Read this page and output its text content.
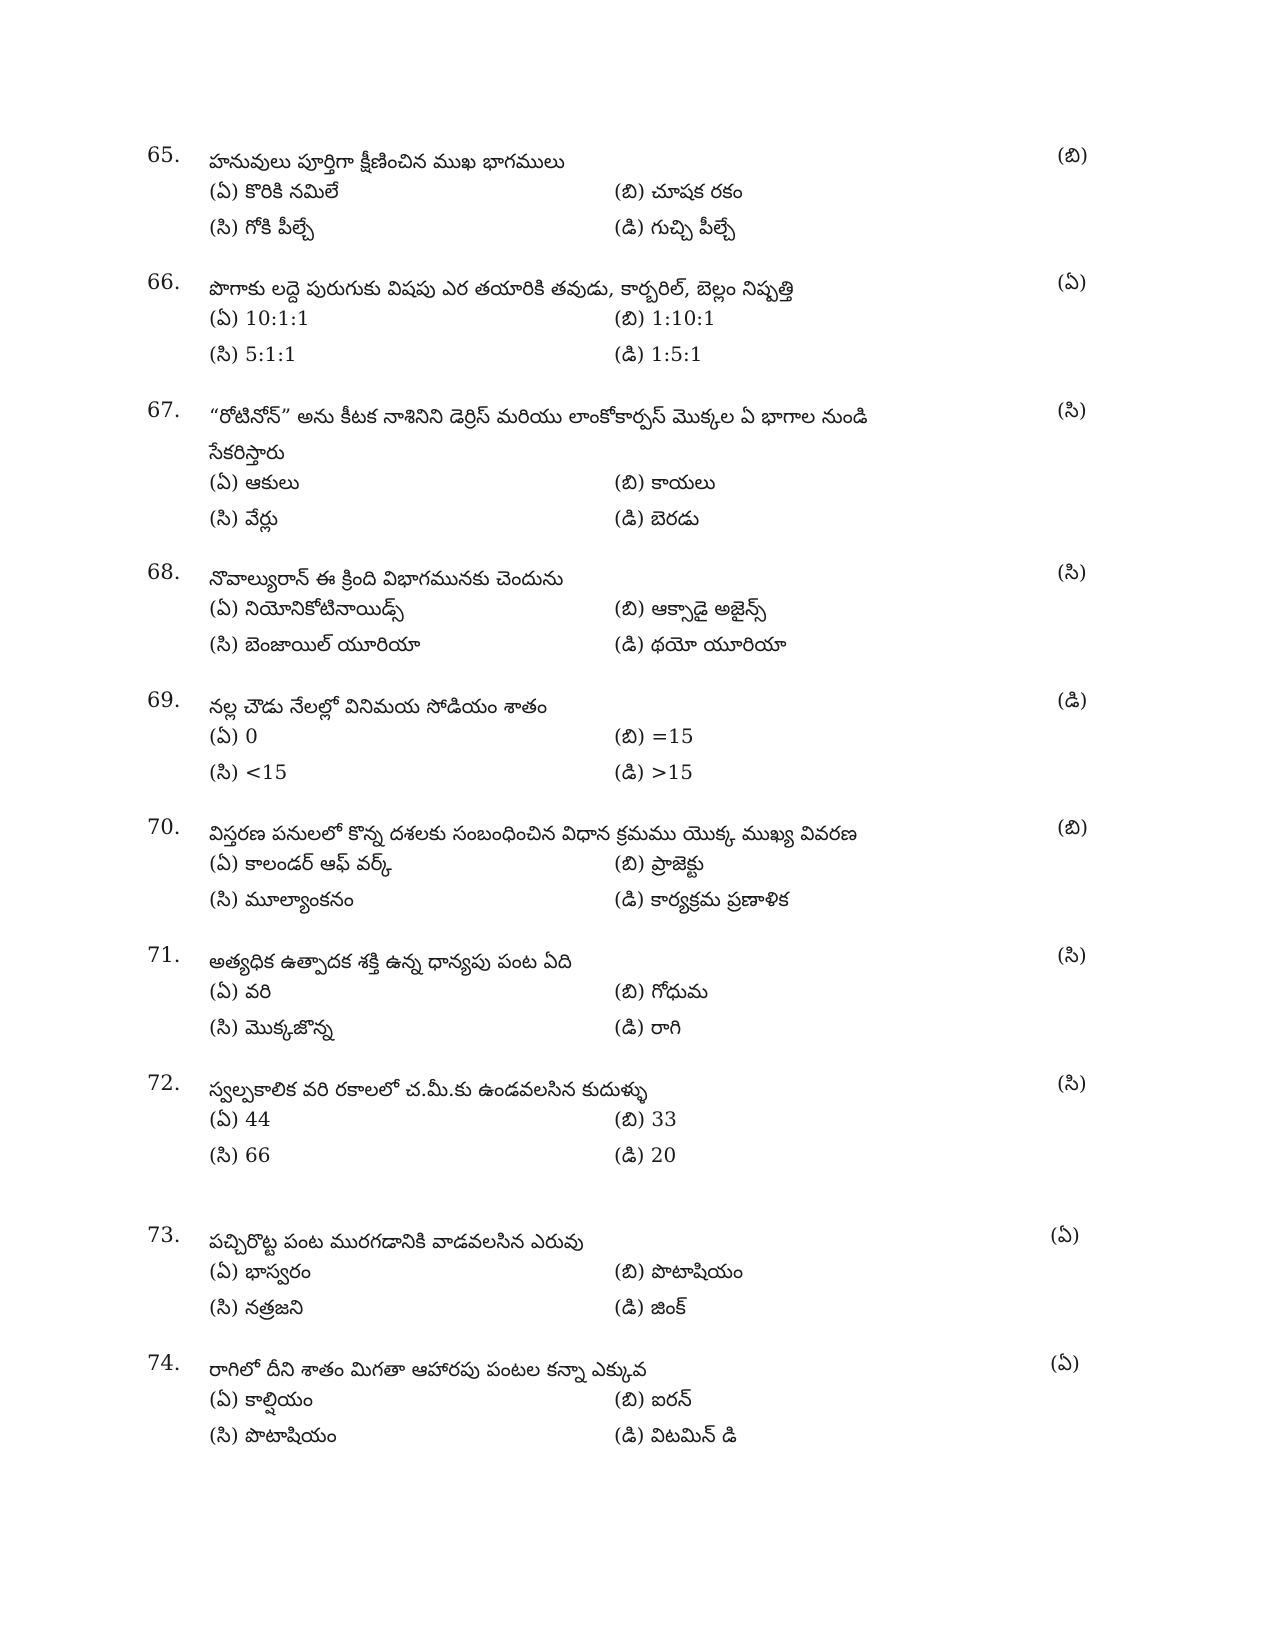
65. హనువులు పూర్తిగా క్షీణించిన ముఖ భాగములు	(బి)
(ఏ) కొరికి నమిలే	(బి) చూషక రకం
(సి) గోకి పీల్చే	(డి) గుచ్చి పీల్చే
66. పొగాకు లద్దె పురుగుకు విషపు ఎర తయారికి తవుడు, కార్బరిల్, బెల్లం నిష్పత్తి	(ఏ)
(ఏ) 10:1:1	(బి) 1:10:1
(సి) 5:1:1	(డి) 1:5:1
67. “రోటినోన్” అను కీటక నాశినిని డెర్రిస్ మరియు లాంకోకార్పస్ మొక్కల ఏ భాగాల నుండి సేకరిస్తారు
(సి)
(ఏ) ఆకులు	(బి) కాయలు
(సి) వేర్లు	(డి) బెరడు
68. నొవాల్యురాన్ ఈ క్రింది విభాగమునకు చెందును	(సి)
(ఏ) నియోనికోటినాయిడ్స్	(బి) ఆక్సాడై అజైన్స్
(సి) బెంజాయిల్ యూరియా	(డి) థయో యూరియా
69. నల్ల చౌడు నేలల్లో వినిమయ సోడియం శాతం	(డి)
(ఏ) 0	(బి) =15
(సి) <15	(డి) >15
70. విస్తరణ పనులలో కొన్న దశలకు సంబంధించిన విధాన క్రమము యొక్క ముఖ్య వివరణ	(బి)
(ఏ) కాలండర్ ఆఫ్ వర్క్	(బి) ప్రాజెక్టు
(సి) మూల్యాంకనం	(డి) కార్యక్రమ ప్రణాళిక
71. అత్యధిక ఉత్పాదక శక్తి ఉన్న ధాన్యపు పంట ఏది	(సి)
(ఏ) వరి	(బి) గోధుమ
(సి) మొక్కజొన్న	(డి) రాగి
72. స్వల్పకాలిక వరి రకాలలో చ.మీ.కు ఉండవలసిన కుదుళ్ళు	(సి)
(ఏ) 44	(బి) 33
(సి) 66	(డి) 20
73. పచ్చిరొట్ట పంట మురగడానికి వాడవలసిన ఎరువు	(ఏ)
(ఏ) భాస్వరం	(బి) పొటాషియం
(సి) నత్రజని	(డి) జింక్
74. రాగిలో దీని శాతం మిగతా ఆహారపు పంటల కన్నా ఎక్కువ	(ఏ)
(ఏ) కాల్షియం	(బి) ఐరన్
(సి) పొటాషియం	(డి) విటమిన్ డి
